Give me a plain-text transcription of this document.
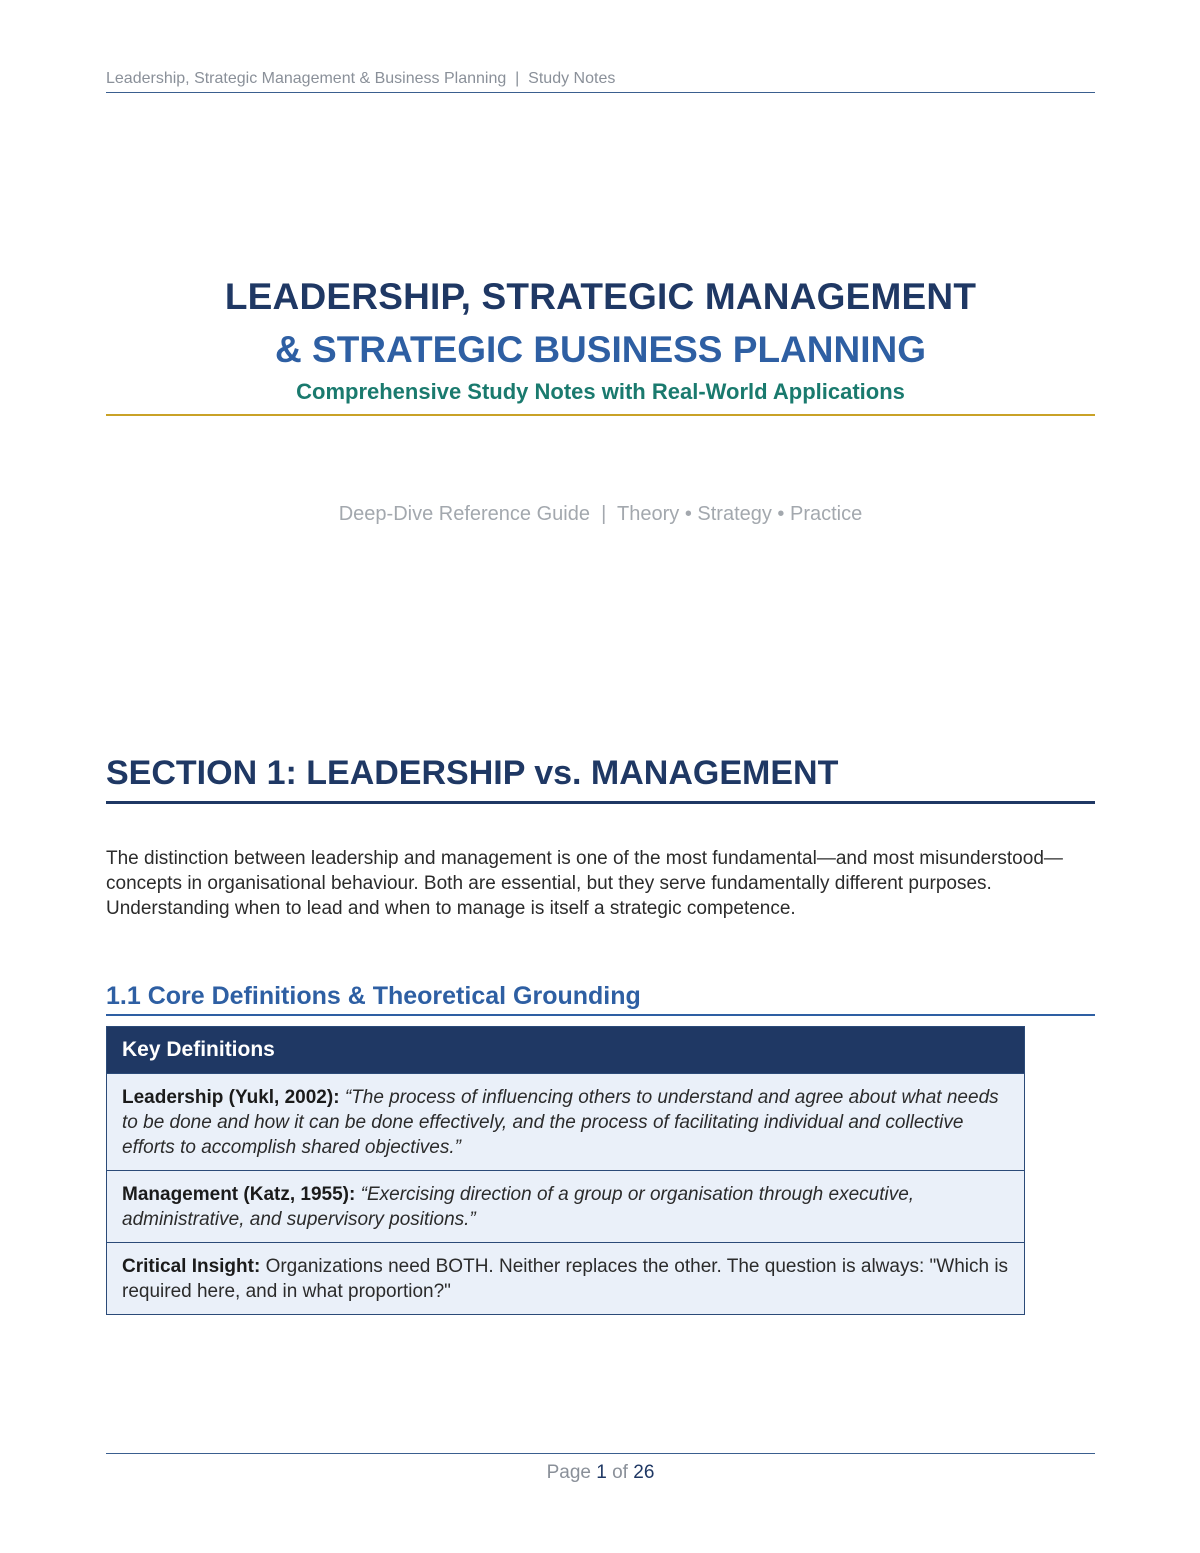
Leadership, Strategic Management & Business Planning  |  Study Notes
LEADERSHIP, STRATEGIC MANAGEMENT
& STRATEGIC BUSINESS PLANNING
Comprehensive Study Notes with Real-World Applications
Deep-Dive Reference Guide  |  Theory • Strategy • Practice
SECTION 1: LEADERSHIP vs. MANAGEMENT
The distinction between leadership and management is one of the most fundamental—and most misunderstood—concepts in organisational behaviour. Both are essential, but they serve fundamentally different purposes. Understanding when to lead and when to manage is itself a strategic competence.
1.1 Core Definitions & Theoretical Grounding
Key Definitions
Leadership (Yukl, 2002): “The process of influencing others to understand and agree about what needs to be done and how it can be done effectively, and the process of facilitating individual and collective efforts to accomplish shared objectives.”
Management (Katz, 1955): “Exercising direction of a group or organisation through executive, administrative, and supervisory positions.”
Critical Insight: Organizations need BOTH. Neither replaces the other. The question is always: "Which is required here, and in what proportion?"
Page 1 of 26
